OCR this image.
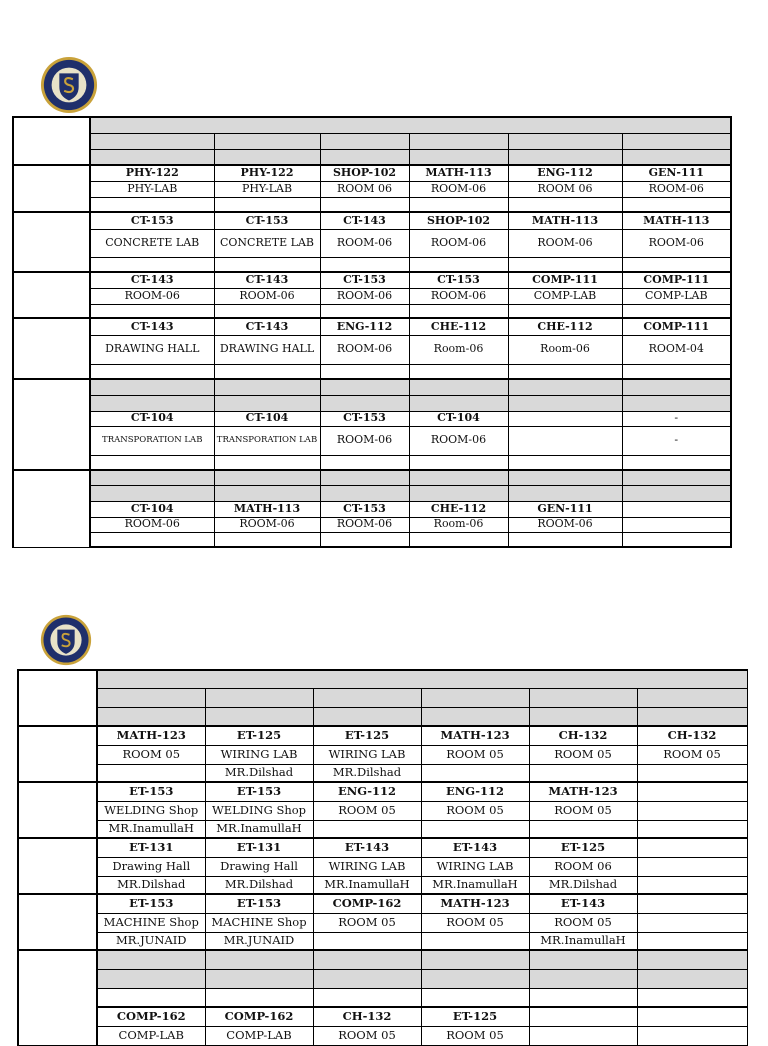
	PHY-122	PHY-122	SHOP-102	MATH-113	ENG-112	GEN-111
	PHY-LAB	PHY-LAB	ROOM 06	ROOM-06	ROOM 06	ROOM-06

	CT-153	CT-153	CT-143	SHOP-102	MATH-113	MATH-113
	CONCRETE LAB	CONCRETE LAB	ROOM-06	ROOM-06	ROOM-06	ROOM-06

	CT-143	CT-143	CT-153	CT-153	COMP-111	COMP-111
	ROOM-06	ROOM-06	ROOM-06	ROOM-06	COMP-LAB	COMP-LAB

	CT-143	CT-143	ENG-112	CHE-112	CHE-112	COMP-111
	DRAWING HALL	DRAWING HALL	ROOM-06	Room-06	Room-06	ROOM-04

	CT-104	CT-104	CT-153	CT-104		-
	TRANSPORATION LAB	TRANSPORATION LAB	ROOM-06	ROOM-06		-

	CT-104	MATH-113	CT-153	CHE-112	GEN-111	
	ROOM-06	ROOM-06	ROOM-06	Room-06	ROOM-06	

	MATH-123	ET-125	ET-125	MATH-123	CH-132	CH-132
	ROOM 05	WIRING LAB	WIRING LAB	ROOM 05	ROOM 05	ROOM 05
		MR.Dilshad	MR.Dilshad			
	ET-153	ET-153	ENG-112	ENG-112	MATH-123	
	WELDING Shop	WELDING Shop	ROOM 05	ROOM 05	ROOM 05	
	MR.InamullaH	MR.InamullaH				
	ET-131	ET-131	ET-143	ET-143	ET-125	
	Drawing Hall	Drawing Hall	WIRING LAB	WIRING LAB	ROOM 06	
	MR.Dilshad	MR.Dilshad	MR.InamullaH	MR.InamullaH	MR.Dilshad	
	ET-153	ET-153	COMP-162	MATH-123	ET-143	
	MACHINE Shop	MACHINE Shop	ROOM 05	ROOM 05	ROOM 05	
	MR.JUNAID	MR.JUNAID			MR.InamullaH	

	COMP-162	COMP-162	CH-132	ET-125		
	COMP-LAB	COMP-LAB	ROOM 05	ROOM 05		
